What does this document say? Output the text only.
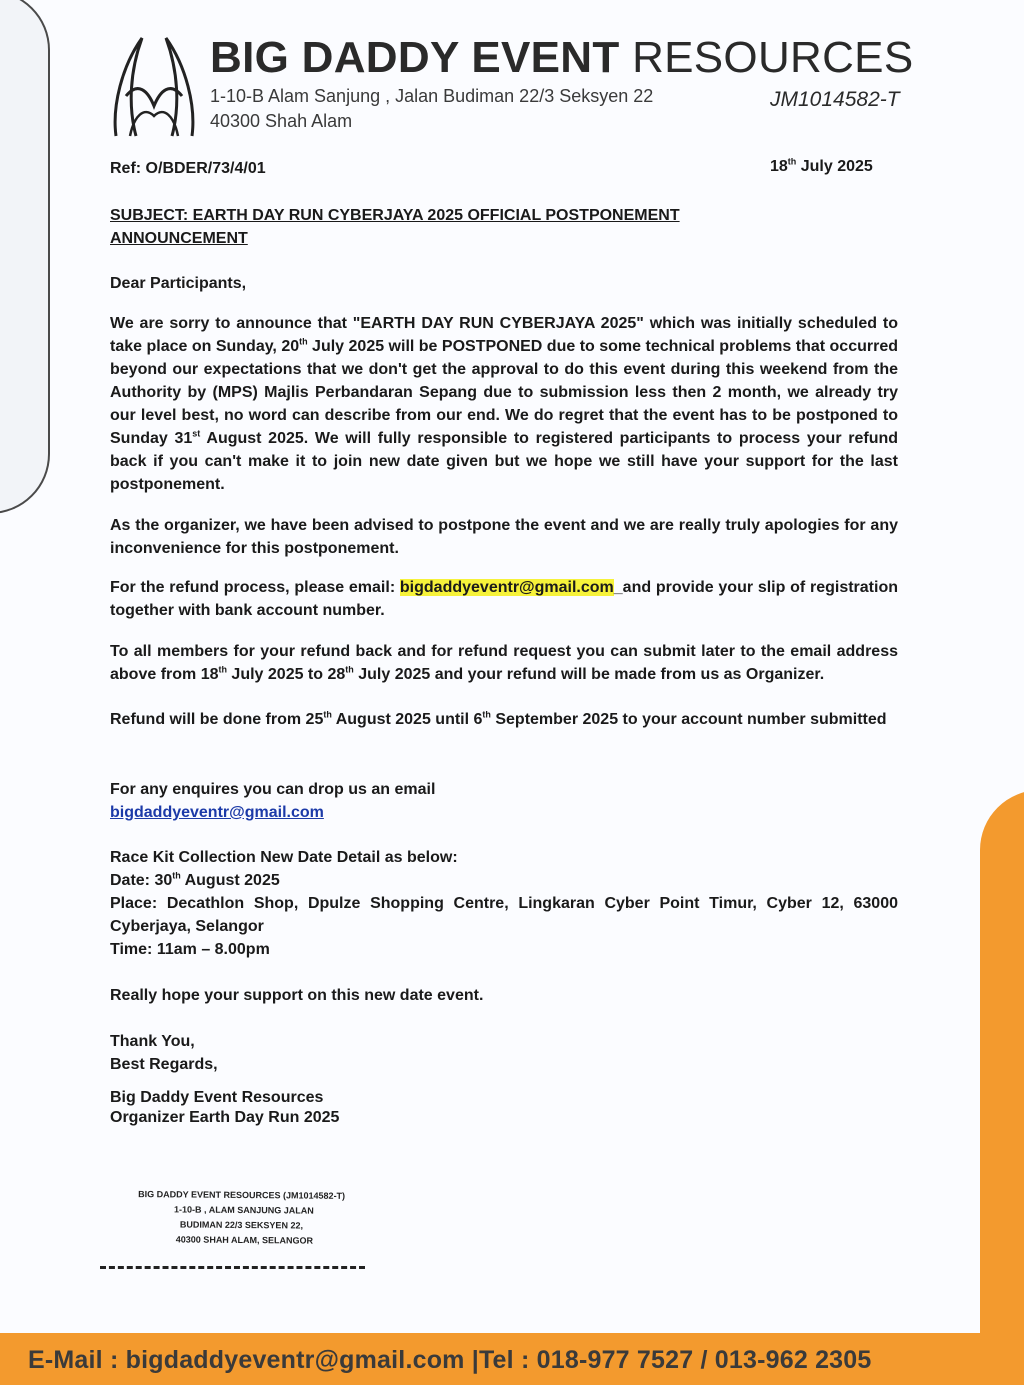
BIG DADDY EVENT RESOURCES
1-10-B Alam Sanjung , Jalan Budiman 22/3 Seksyen 22
40300 Shah Alam
JM1014582-T
Ref: O/BDER/73/4/01	18th July 2025
SUBJECT: EARTH DAY RUN CYBERJAYA 2025 OFFICIAL POSTPONEMENT ANNOUNCEMENT
Dear Participants,
We are sorry to announce that "EARTH DAY RUN CYBERJAYA 2025" which was initially scheduled to take place on Sunday, 20th July 2025 will be POSTPONED due to some technical problems that occurred beyond our expectations that we don't get the approval to do this event during this weekend from the Authority by (MPS) Majlis Perbandaran Sepang due to submission less then 2 month, we already try our level best, no word can describe from our end. We do regret that the event has to be postponed to Sunday 31st August 2025. We will fully responsible to registered participants to process your refund back if you can't make it to join new date given but we hope we still have your support for the last postponement.
As the organizer, we have been advised to postpone the event and we are really truly apologies for any inconvenience for this postponement.
For the refund process, please email: bigdaddyeventr@gmail.com_and provide your slip of registration together with bank account number.
To all members for your refund back and for refund request you can submit later to the email address above from 18th July 2025 to 28th July 2025 and your refund will be made from us as Organizer.
Refund will be done from 25th August 2025 until 6th September 2025 to your account number submitted
For any enquires you can drop us an email
bigdaddyeventr@gmail.com
Race Kit Collection New Date Detail as below:
Date: 30th August 2025
Place: Decathlon Shop, Dpulze Shopping Centre, Lingkaran Cyber Point Timur, Cyber 12, 63000 Cyberjaya, Selangor
Time: 11am – 8.00pm
Really hope your support on this new date event.
Thank You,
Best Regards,
Big Daddy Event Resources
Organizer Earth Day Run 2025
BIG DADDY EVENT RESOURCES (JM1014582-T)
1-10-B , ALAM SANJUNG JALAN
BUDIMAN 22/3 SEKSYEN 22,
40300 SHAH ALAM, SELANGOR
E-Mail : bigdaddyeventr@gmail.com |Tel : 018-977 7527 / 013-962 2305
